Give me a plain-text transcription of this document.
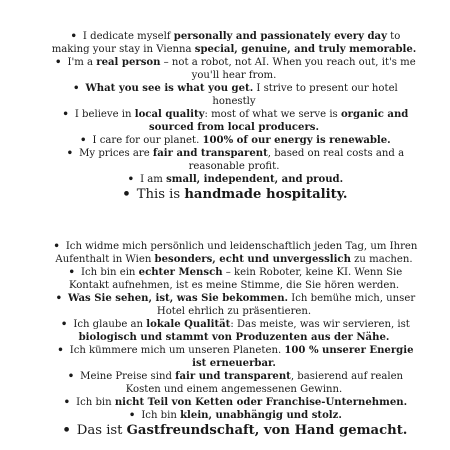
• I dedicate myself personally and passionately every day to making your stay in Vienna special, genuine, and truly memorable.
• I'm a real person – not a robot, not AI. When you reach out, it's me you'll hear from.
• What you see is what you get. I strive to present our hotel honestly
• I believe in local quality: most of what we serve is organic and sourced from local producers.
• I care for our planet. 100% of our energy is renewable.
• My prices are fair and transparent, based on real costs and a reasonable profit.
• I am small, independent, and proud.
• This is handmade hospitality.
• Ich widme mich persönlich und leidenschaftlich jeden Tag, um Ihren Aufenthalt in Wien besonders, echt und unvergesslich zu machen.
• Ich bin ein echter Mensch – kein Roboter, keine KI. Wenn Sie Kontakt aufnehmen, ist es meine Stimme, die Sie hören werden.
• Was Sie sehen, ist, was Sie bekommen. Ich bemühe mich, unser Hotel ehrlich zu präsentieren.
• Ich glaube an lokale Qualität: Das meiste, was wir servieren, ist biologisch und stammt von Produzenten aus der Nähe.
• Ich kümmere mich um unseren Planeten. 100 % unserer Energie ist erneuerbar.
• Meine Preise sind fair und transparent, basierend auf realen Kosten und einem angemessenen Gewinn.
• Ich bin nicht Teil von Ketten oder Franchise-Unternehmen.
• Ich bin klein, unabhängig und stolz.
• Das ist Gastfreundschaft, von Hand gemacht.
